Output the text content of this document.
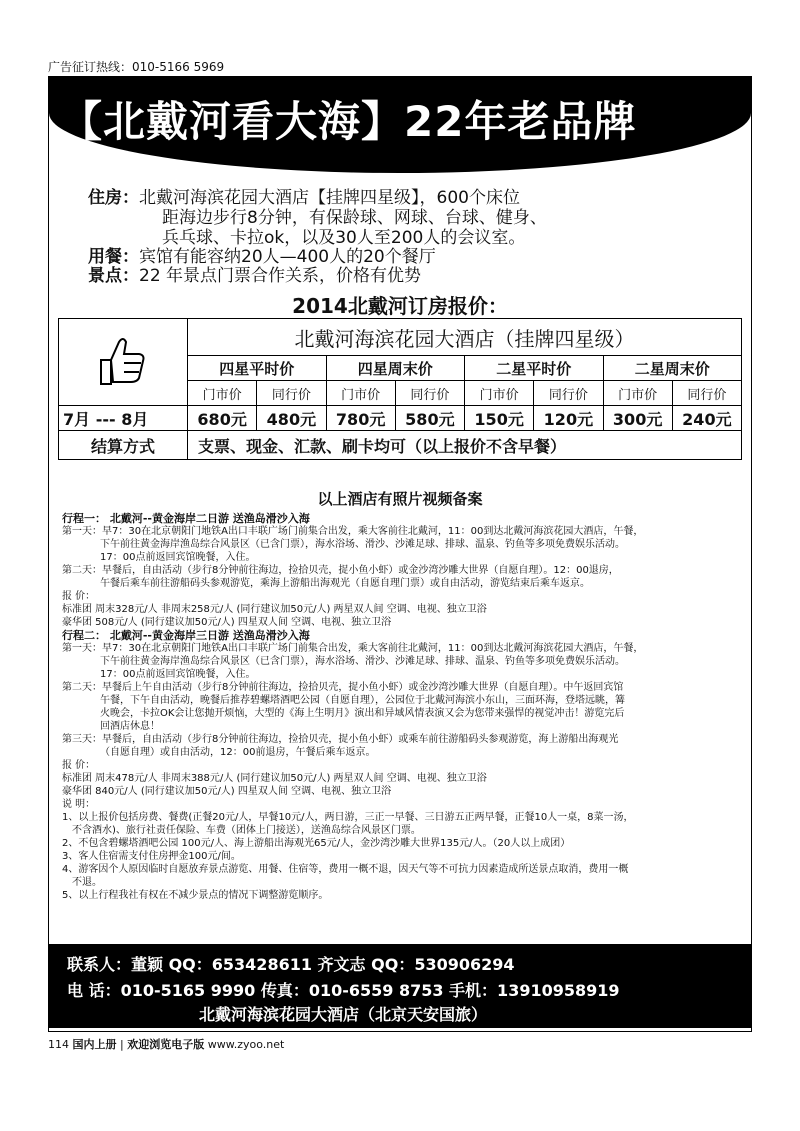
广告征订热线：010-5166 5969
【北戴河看大海】22年老品牌
住房：北戴河海滨花园大酒店【挂牌四星级】，600个床位
距海边步行8分钟，有保龄球、网球、台球、健身、
兵乓球、卡拉ok，以及30人至200人的会议室。
用餐：宾馆有能容纳20人—400人的20个餐厅
景点：22 年景点门票合作关系，价格有优势
2014北戴河订房报价：
	北戴河海滨花园大酒店（挂牌四星级）							
	四星平时价		四星周末价		二星平时价		二星周末价	
	门市价	同行价	门市价	同行价	门市价	同行价	门市价	同行价
7月 --- 8月	680元	480元	780元	580元	150元	120元	300元	240元
结算方式	支票、现金、汇款、刷卡均可（以上报价不含早餐）							
以上酒店有照片视频备案
行程一： 北戴河--黄金海岸二日游 送渔岛滑沙入海
第一天：早7：30在北京朝阳门地铁A出口丰联广场门前集合出发，乘大客前往北戴河，11：00到达北戴河海滨花园大酒店，午餐，
下午前往黄金海岸渔岛综合风景区（已含门票），海水浴场、滑沙、沙滩足球、排球、温泉、钓鱼等多项免费娱乐活动。
17：00点前返回宾馆晚餐，入住。
第二天：早餐后，自由活动（步行8分钟前往海边，捡拾贝壳，捉小鱼小虾）或金沙湾沙雕大世界（自愿自理）。12：00退房，
午餐后乘车前往游船码头参观游览，乘海上游船出海观光（自愿自理门票）或自由活动，游览结束后乘车返京。
报 价：
标准团 周末328元/人 非周末258元/人 (同行建议加50元/人) 两星双人间 空调、电视、独立卫浴
豪华团 508元/人 (同行建议加50元/人) 四星双人间 空调、电视、独立卫浴
行程二： 北戴河--黄金海岸三日游 送渔岛滑沙入海
第一天：早7：30在北京朝阳门地铁A出口丰联广场门前集合出发，乘大客前往北戴河，11：00到达北戴河海滨花园大酒店，午餐，
下午前往黄金海岸渔岛综合风景区（已含门票），海水浴场、滑沙、沙滩足球、排球、温泉、钓鱼等多项免费娱乐活动。
17：00点前返回宾馆晚餐，入住。
第二天：早餐后上午自由活动（步行8分钟前往海边，捡拾贝壳，捉小鱼小虾）或金沙湾沙雕大世界（自愿自理）。中午返回宾馆
午餐，下午自由活动，晚餐后推荐碧螺塔酒吧公园（自愿自理），公园位于北戴河海滨小东山，三面环海，登塔远眺，篝
火晚会，卡拉OK会让您抛开烦恼，大型的《海上生明月》演出和异域风情表演又会为您带来强悍的视觉冲击！游览完后
回酒店休息！
第三天：早餐后，自由活动（步行8分钟前往海边，捡拾贝壳，捉小鱼小虾）或乘车前往游船码头参观游览，海上游船出海观光
（自愿自理）或自由活动，12：00前退房，午餐后乘车返京。
报 价：
标准团 周末478元/人 非周末388元/人 (同行建议加50元/人) 两星双人间 空调、电视、独立卫浴
豪华团 840元/人 (同行建议加50元/人) 四星双人间 空调、电视、独立卫浴
说 明：
1、以上报价包括房费、餐费(正餐20元/人，早餐10元/人，两日游，三正一早餐、三日游五正两早餐，正餐10人一桌，8菜一汤，
不含酒水)、旅行社责任保险、车费（团体上门接送），送渔岛综合风景区门票。
2、不包含碧螺塔酒吧公园 100元/人、海上游船出海观光65元/人，金沙湾沙雕大世界135元/人。（20人以上成团）
3、客人住宿需支付住房押金100元/间。
4、游客因个人原因临时自愿放弃景点游览、用餐、住宿等，费用一概不退，因天气等不可抗力因素造成所送景点取消，费用一概
不退。
5、以上行程我社有权在不减少景点的情况下调整游览顺序。
联系人：董颖 QQ：653428611 齐文志 QQ：530906294
电 话：010-5165 9990 传真：010-6559 8753 手机：13910958919
北戴河海滨花园大酒店（北京天安国旅）
114 国内上册 | 欢迎浏览电子版 www.zyoo.net
